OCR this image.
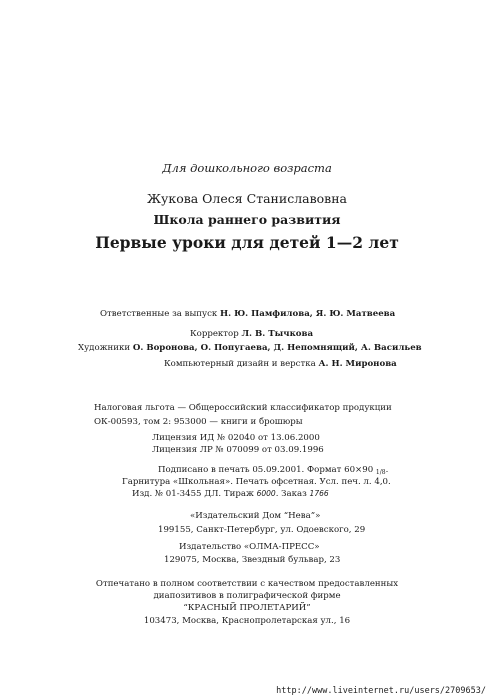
Для дошкольного возраста
Жукова Олеся Станиславовна
Школа раннего развития
Первые уроки для детей 1—2 лет
Ответственные за выпуск Н. Ю. Памфилова, Я. Ю. Матвеева
Корректор Л. В. Тычкова
Художники О. Воронова, О. Попугаева, Д. Непомнящий, А. Васильев
Компьютерный дизайн и верстка А. Н. Миронова
Налоговая льгота — Общероссийский классификатор продукции
ОК-00593, том 2: 953000 — книги и брошюры
Лицензия ИД № 02040 от 13.06.2000
Лицензия ЛР № 070099 от 03.09.1996
Подписано в печать 05.09.2001. Формат 60×90 $_{1/8}$.
Гарнитура «Школьная». Печать офсетная. Усл. печ. л. 4,0.
Изд. № 01-3455 ДЛ. Тираж 6000. Заказ 1766
«Издательский Дом “Нева”»
199155, Санкт-Петербург, ул. Одоевского, 29
Издательство «ОЛМА-ПРЕСС»
129075, Москва, Звездный бульвар, 23
Отпечатано в полном соответствии с качеством предоставленных
диапозитивов в полиграфической фирме
“КРАСНЫЙ ПРОЛЕТАРИЙ”
103473, Москва, Краснопролетарская ул., 16
http://www.liveinternet.ru/users/2709653/
